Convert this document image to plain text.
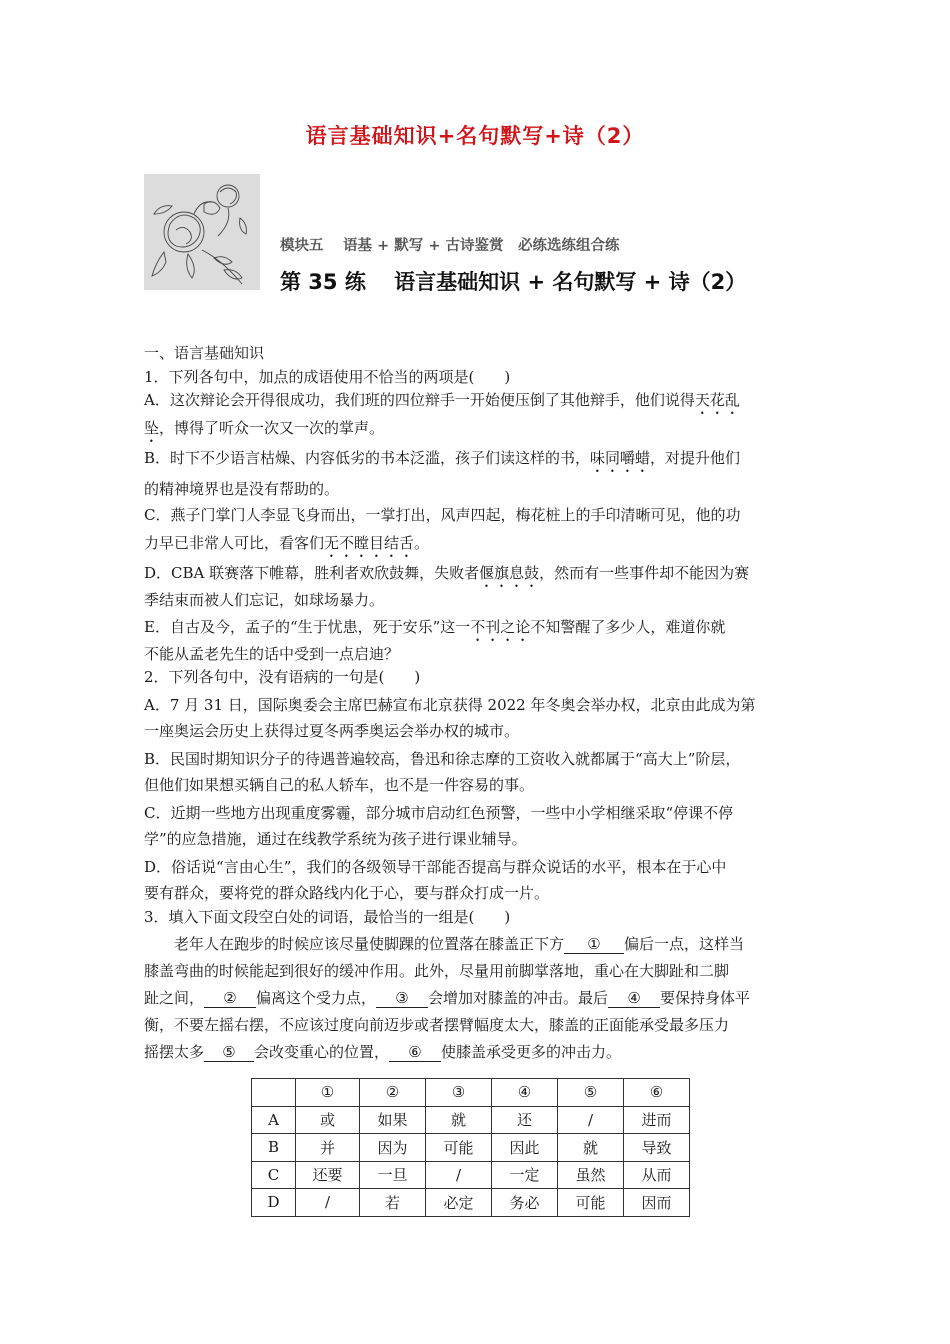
语言基础知识+名句默写+诗（2）
模块五　 语基 + 默写 + 古诗鉴赏　必练选练组合练
第 35 练　 语言基础知识 + 名句默写 + 诗（2）
一、语言基础知识
1．下列各句中，加点的成语使用不恰当的两项是(　　)
A．这次辩论会开得很成功，我们班的四位辩手一开始便压倒了其他辩手，他们说得天花乱
坠，博得了听众一次又一次的掌声。
B．时下不少语言枯燥、内容低劣的书本泛滥，孩子们读这样的书，味同嚼蜡，对提升他们
的精神境界也是没有帮助的。
C．燕子门掌门人李显飞身而出，一掌打出，风声四起，梅花桩上的手印清晰可见，他的功
力早已非常人可比，看客们无不瞠目结舌。
D．CBA 联赛落下帷幕，胜利者欢欣鼓舞，失败者偃旗息鼓，然而有一些事件却不能因为赛
季结束而被人们忘记，如球场暴力。
E．自古及今，孟子的“生于忧患，死于安乐”这一不刊之论不知警醒了多少人，难道你就
不能从孟老先生的话中受到一点启迪？
2．下列各句中，没有语病的一句是(　　)
A．7 月 31 日，国际奥委会主席巴赫宣布北京获得 2022 年冬奥会举办权，北京由此成为第
一座奥运会历史上获得过夏冬两季奥运会举办权的城市。
B．民国时期知识分子的待遇普遍较高，鲁迅和徐志摩的工资收入就都属于“高大上”阶层，
但他们如果想买辆自己的私人轿车，也不是一件容易的事。
C．近期一些地方出现重度雾霾，部分城市启动红色预警，一些中小学相继采取“停课不停
学”的应急措施，通过在线教学系统为孩子进行课业辅导。
D．俗话说“言由心生”，我们的各级领导干部能否提高与群众说话的水平，根本在于心中
要有群众，要将党的群众路线内化于心，要与群众打成一片。
3．填入下面文段空白处的词语，最恰当的一组是(　　)
老年人在跑步的时候应该尽量使脚踝的位置落在膝盖正下方 ① 偏后一点，这样当
膝盖弯曲的时候能起到很好的缓冲作用。此外，尽量用前脚掌落地，重心在大脚趾和二脚
趾之间， ② 偏离这个受力点， ③ 会增加对膝盖的冲击。最后 ④ 要保持身体平
衡，不要左摇右摆，不应该过度向前迈步或者摆臂幅度太大，膝盖的正面能承受最多压力
摇摆太多 ⑤ 会改变重心的位置， ⑥ 使膝盖承受更多的冲击力。
	①	②	③	④	⑤	⑥
A	或	如果	就	还	/	进而
B	并	因为	可能	因此	就	导致
C	还要	一旦	/	一定	虽然	从而
D	/	若	必定	务必	可能	因而
